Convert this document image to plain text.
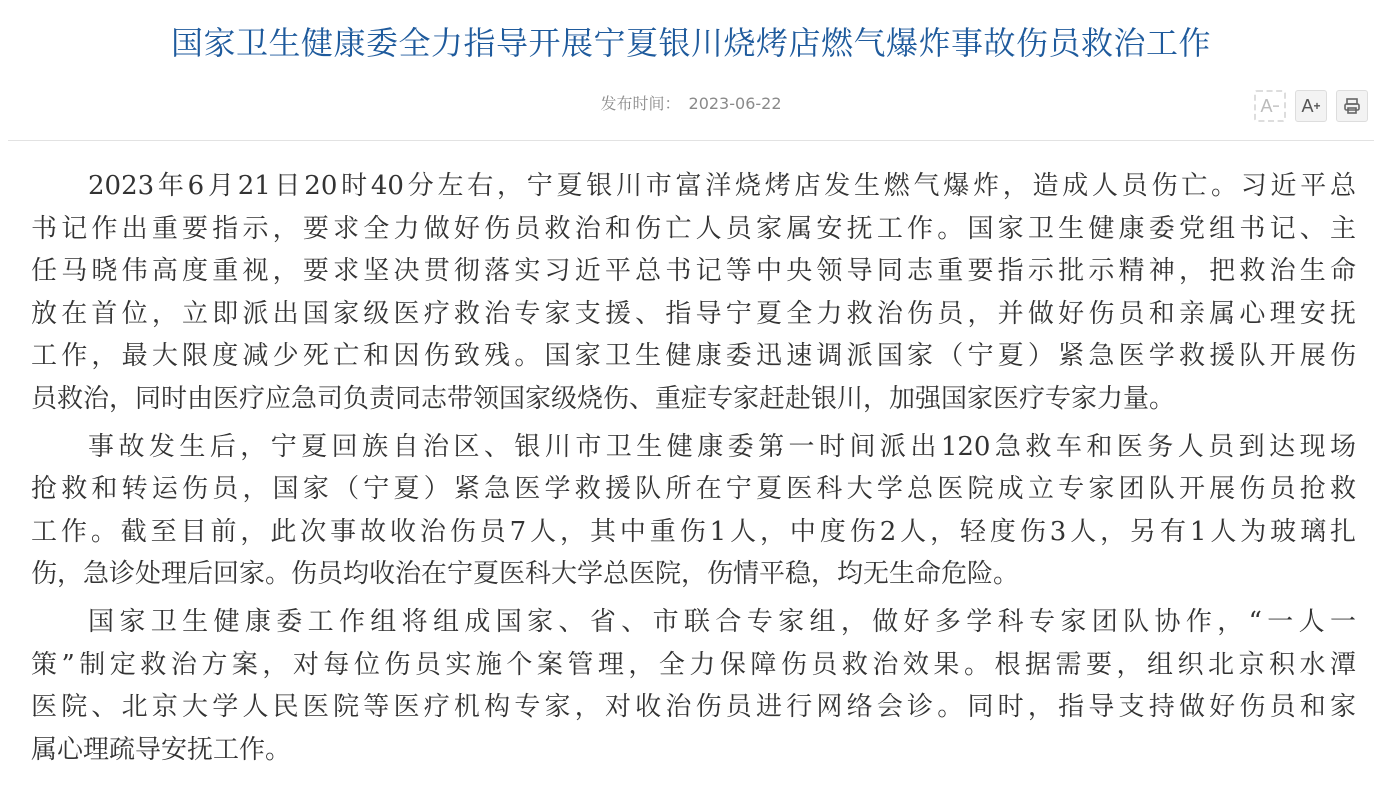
国家卫生健康委全力指导开展宁夏银川烧烤店燃气爆炸事故伤员救治工作
发布时间： 2023-06-22	A − A +
2023年6月21日20时40分左右，宁夏银川市富洋烧烤店发生燃气爆炸，造成人员伤亡。习近平总
书记作出重要指示，要求全力做好伤员救治和伤亡人员家属安抚工作。国家卫生健康委党组书记、主
任马晓伟高度重视，要求坚决贯彻落实习近平总书记等中央领导同志重要指示批示精神，把救治生命
放在首位，立即派出国家级医疗救治专家支援、指导宁夏全力救治伤员，并做好伤员和亲属心理安抚
工作，最大限度减少死亡和因伤致残。国家卫生健康委迅速调派国家（宁夏）紧急医学救援队开展伤
员救治，同时由医疗应急司负责同志带领国家级烧伤、重症专家赶赴银川，加强国家医疗专家力量。
事故发生后，宁夏回族自治区、银川市卫生健康委第一时间派出120急救车和医务人员到达现场
抢救和转运伤员，国家（宁夏）紧急医学救援队所在宁夏医科大学总医院成立专家团队开展伤员抢救
工作。截至目前，此次事故收治伤员7人，其中重伤1人，中度伤2人，轻度伤3人，另有1人为玻璃扎
伤，急诊处理后回家。伤员均收治在宁夏医科大学总医院，伤情平稳，均无生命危险。
国家卫生健康委工作组将组成国家、省、市联合专家组，做好多学科专家团队协作，“一人一
策”制定救治方案，对每位伤员实施个案管理，全力保障伤员救治效果。根据需要，组织北京积水潭
医院、北京大学人民医院等医疗机构专家，对收治伤员进行网络会诊。同时，指导支持做好伤员和家
属心理疏导安抚工作。
